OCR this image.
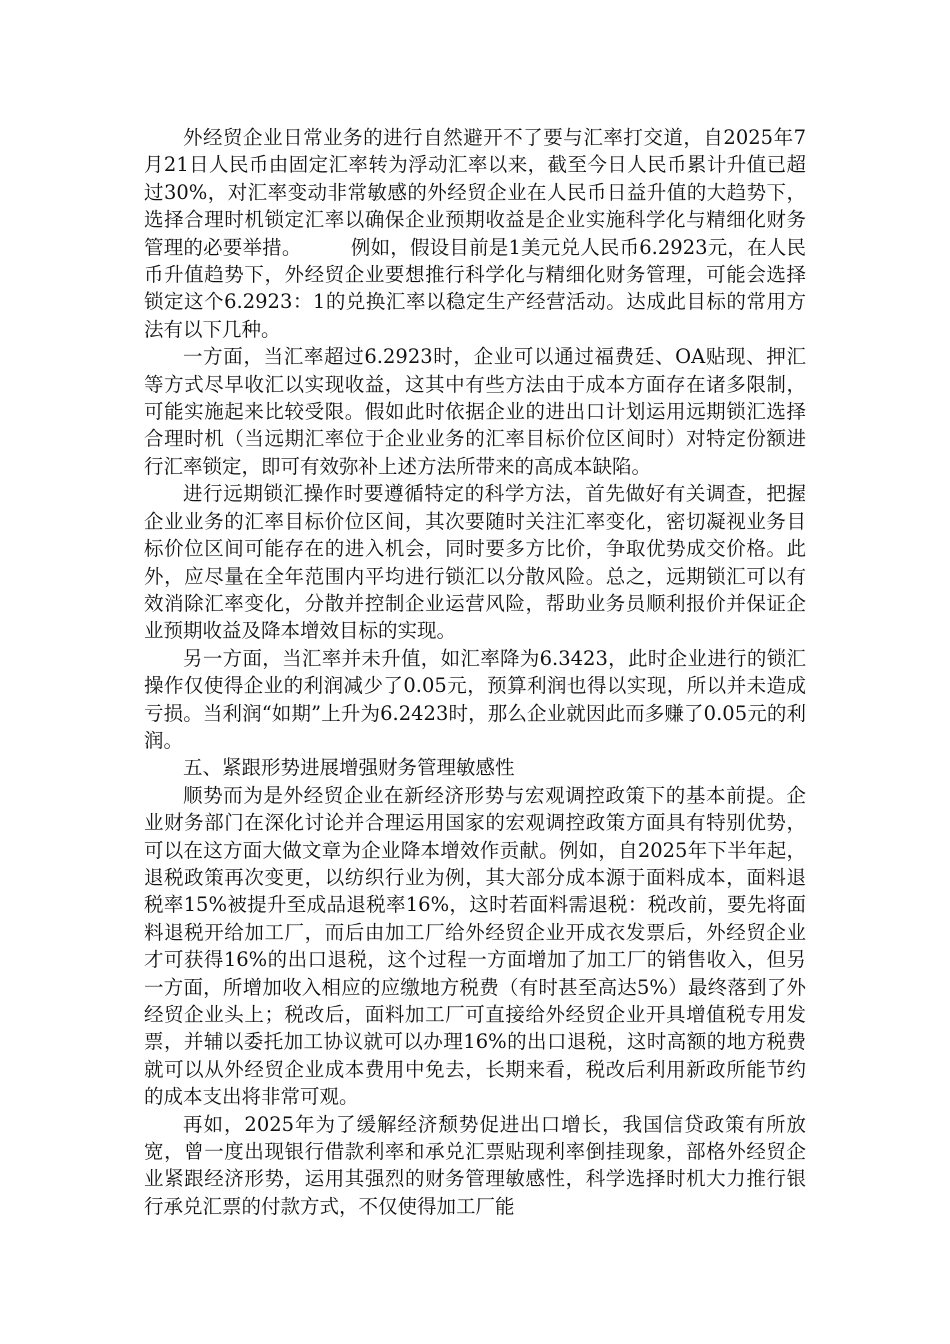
外经贸企业日常业务的进行自然避开不了要与汇率打交道，自2025年7月21日人民币由固定汇率转为浮动汇率以来，截至今日人民币累计升值已超过30%，对汇率变动非常敏感的外经贸企业在人民币日益升值的大趋势下，选择合理时机锁定汇率以确保企业预期收益是企业实施科学化与精细化财务管理的必要举措。　　　例如，假设目前是1美元兑人民币6.2923元，在人民币升值趋势下，外经贸企业要想推行科学化与精细化财务管理，可能会选择锁定这个6.2923：1的兑换汇率以稳定生产经营活动。达成此目标的常用方法有以下几种。

一方面，当汇率超过6.2923时，企业可以通过福费廷、OA贴现、押汇等方式尽早收汇以实现收益，这其中有些方法由于成本方面存在诸多限制，可能实施起来比较受限。假如此时依据企业的进出口计划运用远期锁汇选择合理时机（当远期汇率位于企业业务的汇率目标价位区间时）对特定份额进行汇率锁定，即可有效弥补上述方法所带来的高成本缺陷。

进行远期锁汇操作时要遵循特定的科学方法，首先做好有关调查，把握企业业务的汇率目标价位区间，其次要随时关注汇率变化，密切凝视业务目标价位区间可能存在的进入机会，同时要多方比价，争取优势成交价格。此外，应尽量在全年范围内平均进行锁汇以分散风险。总之，远期锁汇可以有效消除汇率变化，分散并控制企业运营风险，帮助业务员顺利报价并保证企业预期收益及降本增效目标的实现。

另一方面，当汇率并未升值，如汇率降为6.3423，此时企业进行的锁汇操作仅使得企业的利润减少了0.05元，预算利润也得以实现，所以并未造成亏损。当利润“如期”上升为6.2423时，那么企业就因此而多赚了0.05元的利润。

五、紧跟形势进展增强财务管理敏感性

顺势而为是外经贸企业在新经济形势与宏观调控政策下的基本前提。企业财务部门在深化讨论并合理运用国家的宏观调控政策方面具有特别优势，可以在这方面大做文章为企业降本增效作贡献。例如，自2025年下半年起，退税政策再次变更，以纺织行业为例，其大部分成本源于面料成本，面料退税率15%被提升至成品退税率16%，这时若面料需退税：税改前，要先将面料退税开给加工厂，而后由加工厂给外经贸企业开成衣发票后，外经贸企业才可获得16%的出口退税，这个过程一方面增加了加工厂的销售收入，但另一方面，所增加收入相应的应缴地方税费（有时甚至高达5%）最终落到了外经贸企业头上；税改后，面料加工厂可直接给外经贸企业开具增值税专用发票，并辅以委托加工协议就可以办理16%的出口退税，这时高额的地方税费就可以从外经贸企业成本费用中免去，长期来看，税改后利用新政所能节约的成本支出将非常可观。

再如，2025年为了缓解经济颓势促进出口增长，我国信贷政策有所放宽，曾一度出现银行借款利率和承兑汇票贴现利率倒挂现象，部格外经贸企业紧跟经济形势，运用其强烈的财务管理敏感性，科学选择时机大力推行银行承兑汇票的付款方式，不仅使得加工厂能
